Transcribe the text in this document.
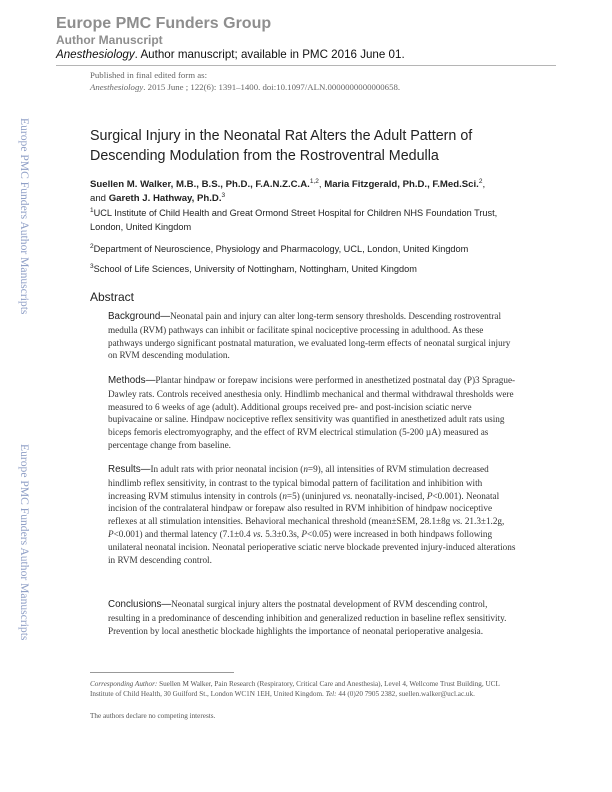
Europe PMC Funders Group
Author Manuscript
Anesthesiology. Author manuscript; available in PMC 2016 June 01.
Published in final edited form as:
Anesthesiology. 2015 June ; 122(6): 1391–1400. doi:10.1097/ALN.0000000000000658.
Europe PMC Funders Author Manuscripts
Europe PMC Funders Author Manuscripts
Surgical Injury in the Neonatal Rat Alters the Adult Pattern of Descending Modulation from the Rostroventral Medulla
Suellen M. Walker, M.B., B.S., Ph.D., F.A.N.Z.C.A.$^{1,2}$, Maria Fitzgerald, Ph.D., F.Med.Sci.$^2$,
and Gareth J. Hathway, Ph.D.$^3$
$^1$UCL Institute of Child Health and Great Ormond Street Hospital for Children NHS Foundation Trust, London, United Kingdom
$^2$Department of Neuroscience, Physiology and Pharmacology, UCL, London, United Kingdom
$^3$School of Life Sciences, University of Nottingham, Nottingham, United Kingdom
Abstract
Background—Neonatal pain and injury can alter long-term sensory thresholds. Descending rostroventral medulla (RVM) pathways can inhibit or facilitate spinal nociceptive processing in adulthood. As these pathways undergo significant postnatal maturation, we evaluated long-term effects of neonatal surgical injury on RVM descending modulation.
Methods—Plantar hindpaw or forepaw incisions were performed in anesthetized postnatal day (P)3 Sprague-Dawley rats. Controls received anesthesia only. Hindlimb mechanical and thermal withdrawal thresholds were measured to 6 weeks of age (adult). Additional groups received pre- and post-incision sciatic nerve bupivacaine or saline. Hindpaw nociceptive reflex sensitivity was quantified in anesthetized adult rats using biceps femoris electromyography, and the effect of RVM electrical stimulation (5-200 µA) measured as percentage change from baseline.
Results—In adult rats with prior neonatal incision (n=9), all intensities of RVM stimulation decreased hindlimb reflex sensitivity, in contrast to the typical bimodal pattern of facilitation and inhibition with increasing RVM stimulus intensity in controls (n=5) (uninjured vs. neonatally-incised, P<0.001). Neonatal incision of the contralateral hindpaw or forepaw also resulted in RVM inhibition of hindpaw nociceptive reflexes at all stimulation intensities. Behavioral mechanical threshold (mean±SEM, 28.1±8g vs. 21.3±1.2g, P<0.001) and thermal latency (7.1±0.4 vs. 5.3±0.3s, P<0.05) were increased in both hindpaws following unilateral neonatal incision. Neonatal perioperative sciatic nerve blockade prevented injury-induced alterations in RVM descending control.
Conclusions—Neonatal surgical injury alters the postnatal development of RVM descending control, resulting in a predominance of descending inhibition and generalized reduction in baseline reflex sensitivity. Prevention by local anesthetic blockade highlights the importance of neonatal perioperative analgesia.
Corresponding Author: Suellen M Walker, Pain Research (Respiratory, Critical Care and Anesthesia), Level 4, Wellcome Trust Building, UCL Institute of Child Health, 30 Guilford St., London WC1N 1EH, United Kingdom. Tel: 44 (0)20 7905 2382, suellen.walker@ucl.ac.uk.
The authors declare no competing interests.
